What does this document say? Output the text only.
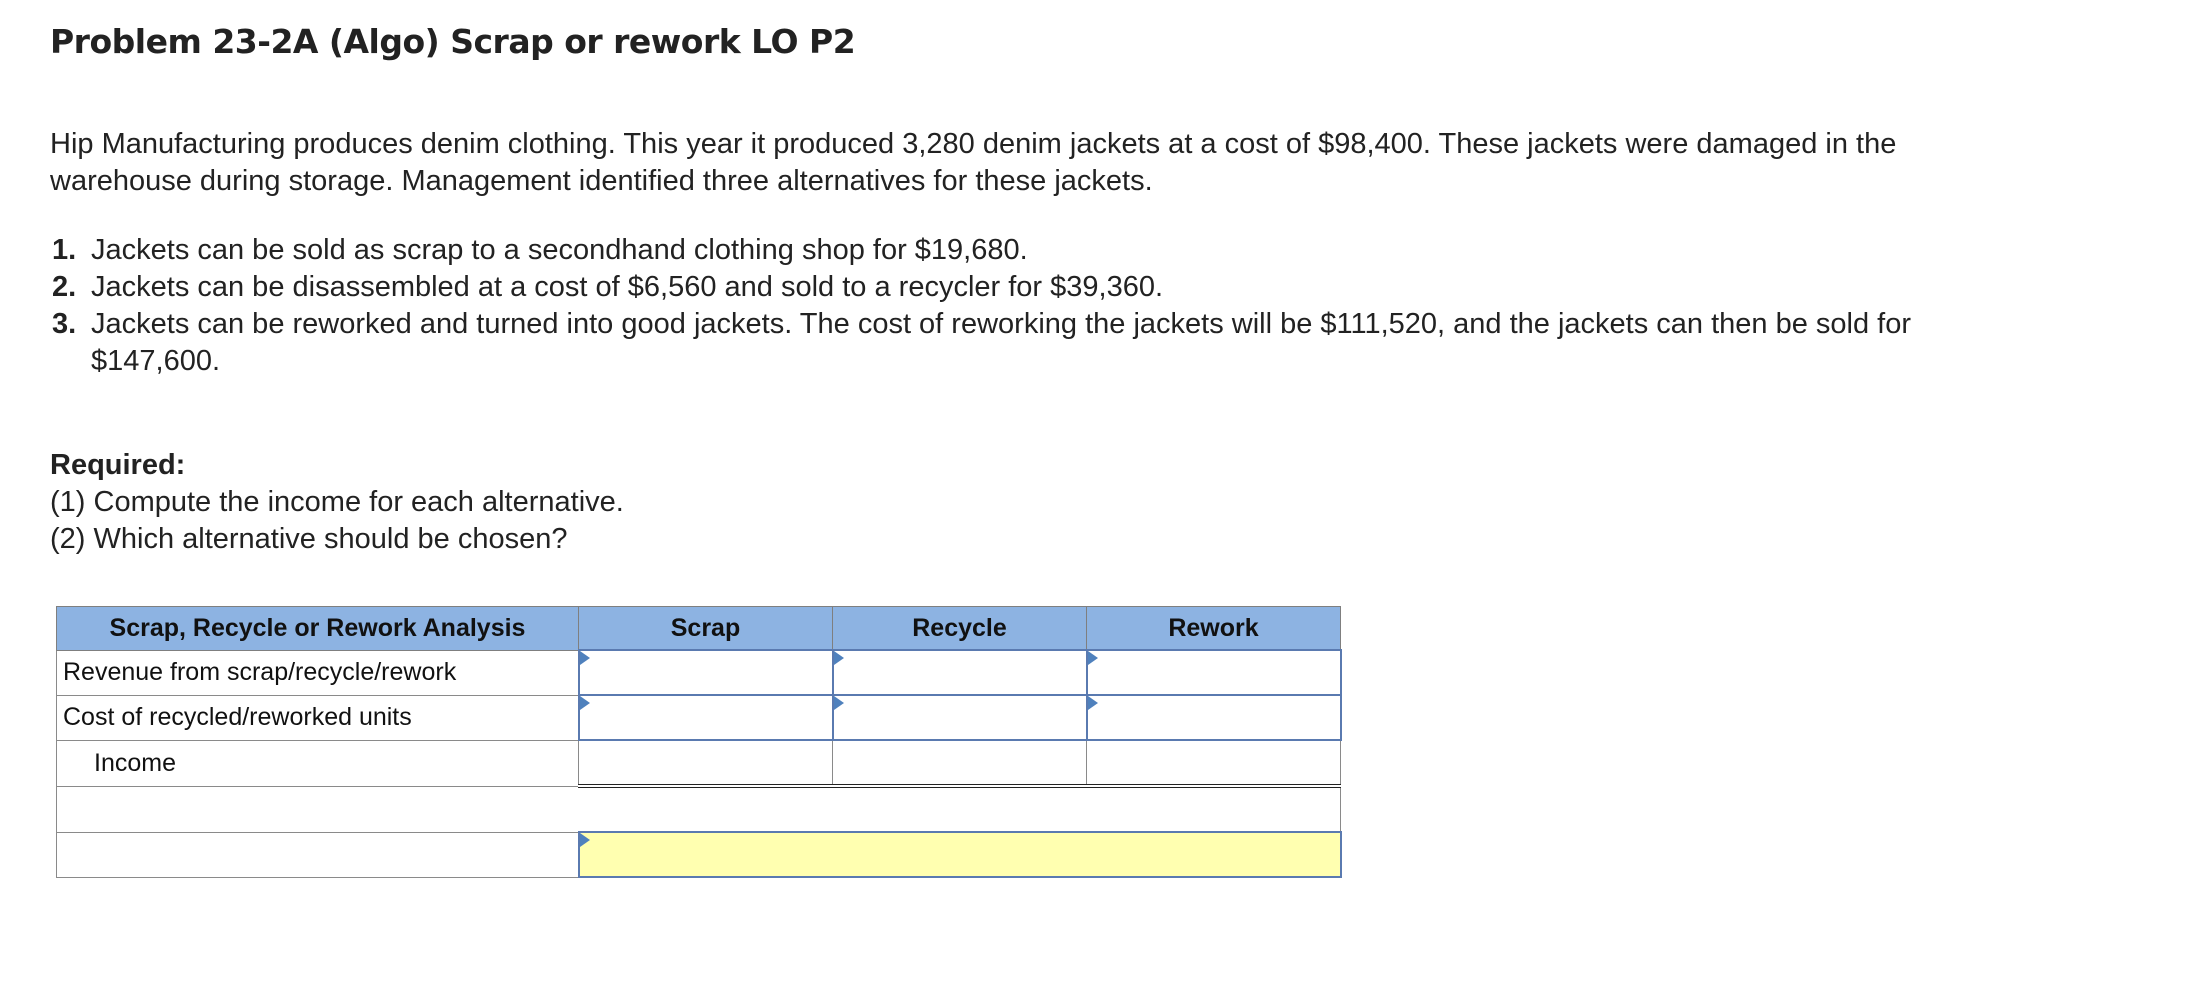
Problem 23-2A (Algo) Scrap or rework LO P2

Hip Manufacturing produces denim clothing. This year it produced 3,280 denim jackets at a cost of $98,400. These jackets were damaged in the warehouse during storage. Management identified three alternatives for these jackets.

1. Jackets can be sold as scrap to a secondhand clothing shop for $19,680.
2. Jackets can be disassembled at a cost of $6,560 and sold to a recycler for $39,360.
3. Jackets can be reworked and turned into good jackets. The cost of reworking the jackets will be $111,520, and the jackets can then be sold for $147,600.
Required:
(1) Compute the income for each alternative.
(2) Which alternative should be chosen?
Scrap, Recycle or Rework Analysis	Scrap	Recycle	Rework
Revenue from scrap/recycle/rework	

Cost of recycled/reworked units	

Income			
